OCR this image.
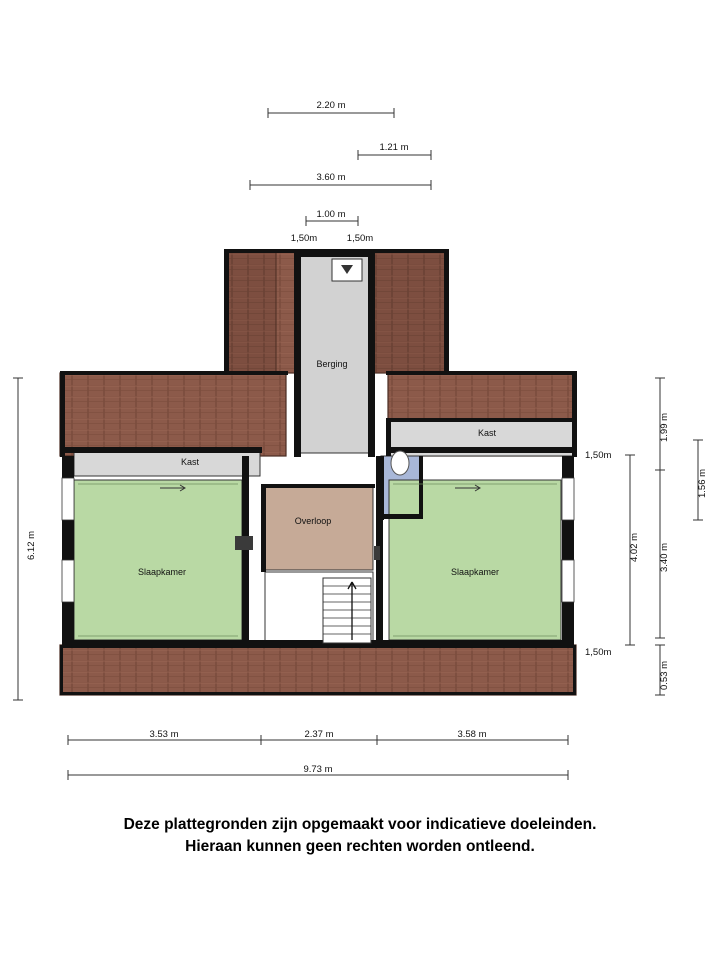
2.20 m
1.21 m
3.60 m
1.00 m
1,50m	1,50m
3.53 m	2.37 m	3.58 m
9.73 m
6.12 m
1,50m
4.02 m
1,50m
1.99 m
3.40 m
0.53 m
1.56 m
Berging
Kast
Kast
Overloop
Slaapkamer	Slaapkamer
Deze plattegronden zijn opgemaakt voor indicatieve doeleinden.
Hieraan kunnen geen rechten worden ontleend.
